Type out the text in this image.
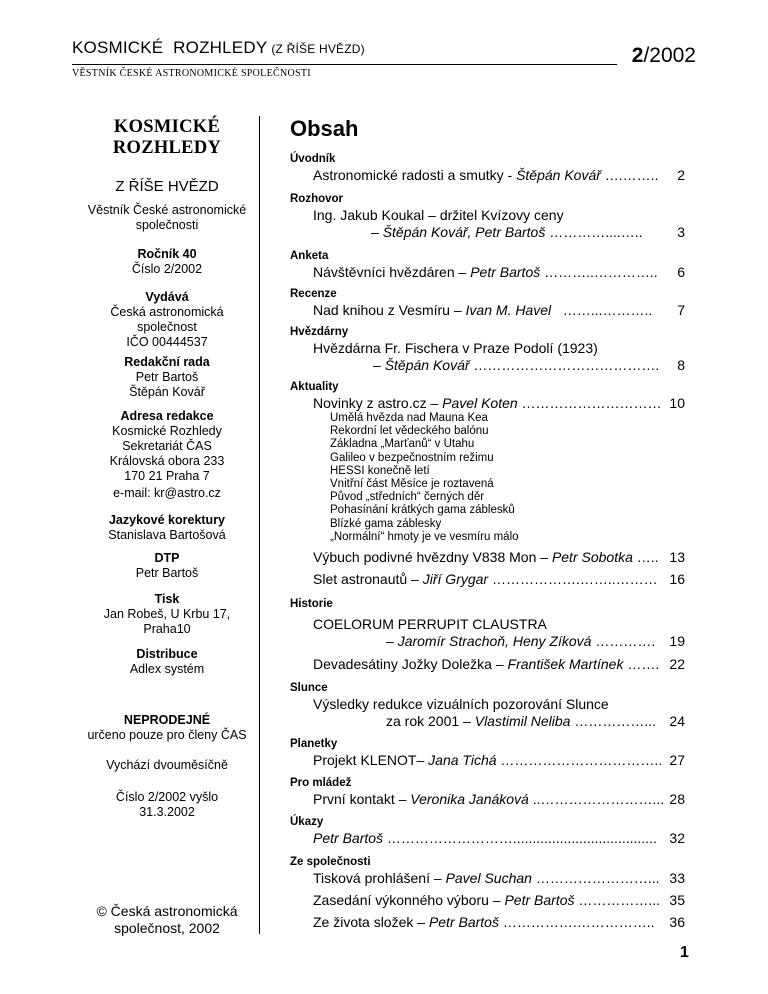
KOSMICKÉ  ROZHLEDY (Z ŘÍŠE HVĚZD)	2/2002
VĚSTNÍK ČESKÉ ASTRONOMICKÉ SPOLEČNOSTI
KOSMICKÉ
ROZHLEDY
Z ŘÍŠE HVĚZD
Věstník České astronomické
společnosti
Ročník 40
Číslo 2/2002
Vydává
Česká astronomická
společnost
IČO 00444537
Redakční rada
Petr Bartoš
Štěpán Kovář
Adresa redakce
Kosmické Rozhledy
Sekretariát ČAS
Královská obora 233
170 21 Praha 7
e-mail: kr@astro.cz
Jazykové korektury
Stanislava Bartošová
DTP
Petr Bartoš
Tisk
Jan Robeš, U Krbu 17,
Praha10
Distribuce
Adlex systém
NEPRODEJNÉ
určeno pouze pro členy ČAS
Vychází dvouměsíčně
Číslo 2/2002 vyšlo
31.3.2002
© Česká astronomická
společnost, 2002
Obsah
Úvodník
Astronomické radosti a smutky - Štěpán Kovář ….…….. 2
Rozhovor
Ing. Jakub Koukal – držitel Kvízovy ceny
– Štěpán Kovář, Petr Bartoš …………....….. 3
Anketa
Návštěvníci hvězdáren – Petr Bartoš ………..………….. 6
Recenze
Nad knihou z Vesmíru – Ivan M. Havel   ……...……….. 7
Hvězdárny
Hvězdárna Fr. Fischera v Praze Podolí (1923)
– Štěpán Kovář …………………………………. 8
Aktuality
Novinky z astro.cz – Pavel Koten ………………………… 10
Umělá hvězda nad Mauna Kea
Rekordní let vědeckého balónu
Základna „Marťanů“ v Utahu
Galileo v bezpečnostním režimu
HESSI konečně letí
Vnitřní část Měsíce je roztavená
Původ „středních“ černých děr
Pohasínání krátkých gama záblesků
Blízké gama záblesky
„Normální“ hmoty je ve vesmíru málo
Výbuch podivné hvězdny V838 Mon – Petr Sobotka ….. 13
Slet astronautů – Jiří Grygar ……………….……..……… 16
Historie
COELORUM PERRUPIT CLAUSTRA
– Jaromír Strachoň, Heny Zíková …………. 19
Devadesátiny Jožky Doležka – František Martínek ……. 22
Slunce
Výsledky redukce vizuálních pozorování Slunce
za rok 2001 – Vlastimil Neliba ……………... 24
Planetky
Projekt KLENOT– Jana Tichá …………………………….. 27
Pro mládež
První kontakt – Veronika Janáková ..……………………... 28
Úkazy
Petr Bartoš ………………………..................................... 32
Ze společnosti
Tisková prohlášení – Pavel Suchan ……………………... 33
Zasedání výkonného výboru – Petr Bartoš ……………... 35
Ze života složek – Petr Bartoš …………….…………….. 36
1
